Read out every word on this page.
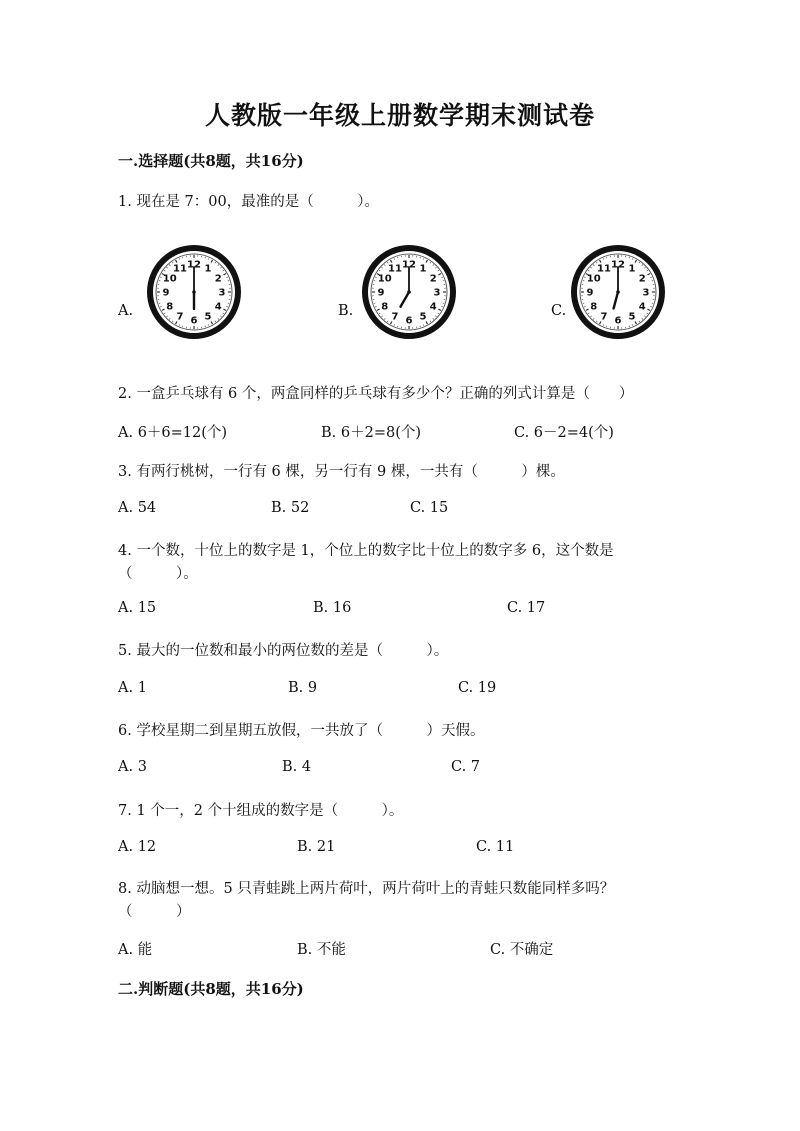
人教版一年级上册数学期末测试卷
一.选择题(共8题，共16分)
1. 现在是 7：00，最准的是（　　　）。
A.
12 1
2
3
4
5
6
7
8
9
10
11
B.
12 1
2
3
4
5
6
7
8
9
10
11
C.
12 1
2
3
4
5
6
7
8
9
10
11
2. 一盒乒乓球有 6 个，两盒同样的乒乓球有多少个？正确的列式计算是（　　）
A. 6＋6=12(个)	B. 6＋2=8(个)	C. 6－2=4(个)
3. 有两行桃树，一行有 6 棵，另一行有 9 棵，一共有（　　　）棵。
A. 54	B. 52	C. 15
4. 一个数，十位上的数字是 1，个位上的数字比十位上的数字多 6，这个数是
（　　　）。
A. 15	B. 16	C. 17
5. 最大的一位数和最小的两位数的差是（　　　）。
A. 1	B. 9	C. 19
6. 学校星期二到星期五放假，一共放了（　　　）天假。
A. 3	B. 4	C. 7
7. 1 个一，2 个十组成的数字是（　　　）。
A. 12	B. 21	C. 11
8. 动脑想一想。5 只青蛙跳上两片荷叶，两片荷叶上的青蛙只数能同样多吗？
（　　　）
A. 能	B. 不能	C. 不确定
二.判断题(共8题，共16分)
